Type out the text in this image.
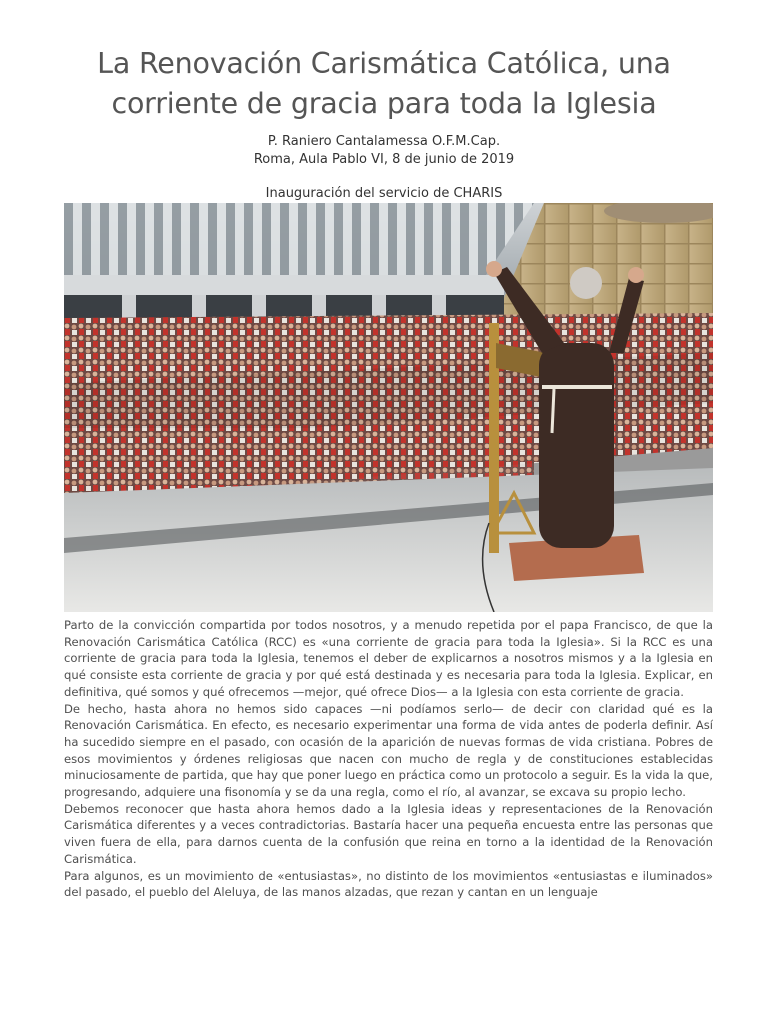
La Renovación Carismática Católica, una corriente de gracia para toda la Iglesia
P. Raniero Cantalamessa O.F.M.Cap.
Roma, Aula Pablo VI, 8 de junio de 2019
Inauguración del servicio de CHARIS

Parto de la convicción compartida por todos nosotros, y a menudo repetida por el papa Francisco, de que la Renovación Carismática Católica (RCC) es «una corriente de gracia para toda la Iglesia». Si la RCC es una corriente de gracia para toda la Iglesia, tenemos el deber de explicarnos a nosotros mismos y a la Iglesia en qué consiste esta corriente de gracia y por qué está destinada y es necesaria para toda la Iglesia. Explicar, en definitiva, qué somos y qué ofrecemos —mejor, qué ofrece Dios— a la Iglesia con esta corriente de gracia.

De hecho, hasta ahora no hemos sido capaces —ni podíamos serlo— de decir con claridad qué es la Renovación Carismática. En efecto, es necesario experimentar una forma de vida antes de poderla definir. Así ha sucedido siempre en el pasado, con ocasión de la aparición de nuevas formas de vida cristiana. Pobres de esos movimientos y órdenes religiosas que nacen con mucho de regla y de constituciones establecidas minuciosamente de partida, que hay que poner luego en práctica como un protocolo a seguir. Es la vida la que, progresando, adquiere una fisonomía y se da una regla, como el río, al avanzar, se excava su propio lecho.

Debemos reconocer que hasta ahora hemos dado a la Iglesia ideas y representaciones de la Renovación Carismática diferentes y a veces contradictorias. Bastaría hacer una pequeña encuesta entre las personas que viven fuera de ella, para darnos cuenta de la confusión que reina en torno a la identidad de la Renovación Carismática.

Para algunos, es un movimiento de «entusiastas», no distinto de los movimientos «entusiastas e iluminados» del pasado, el pueblo del Aleluya, de las manos alzadas, que rezan y cantan en un lenguaje
